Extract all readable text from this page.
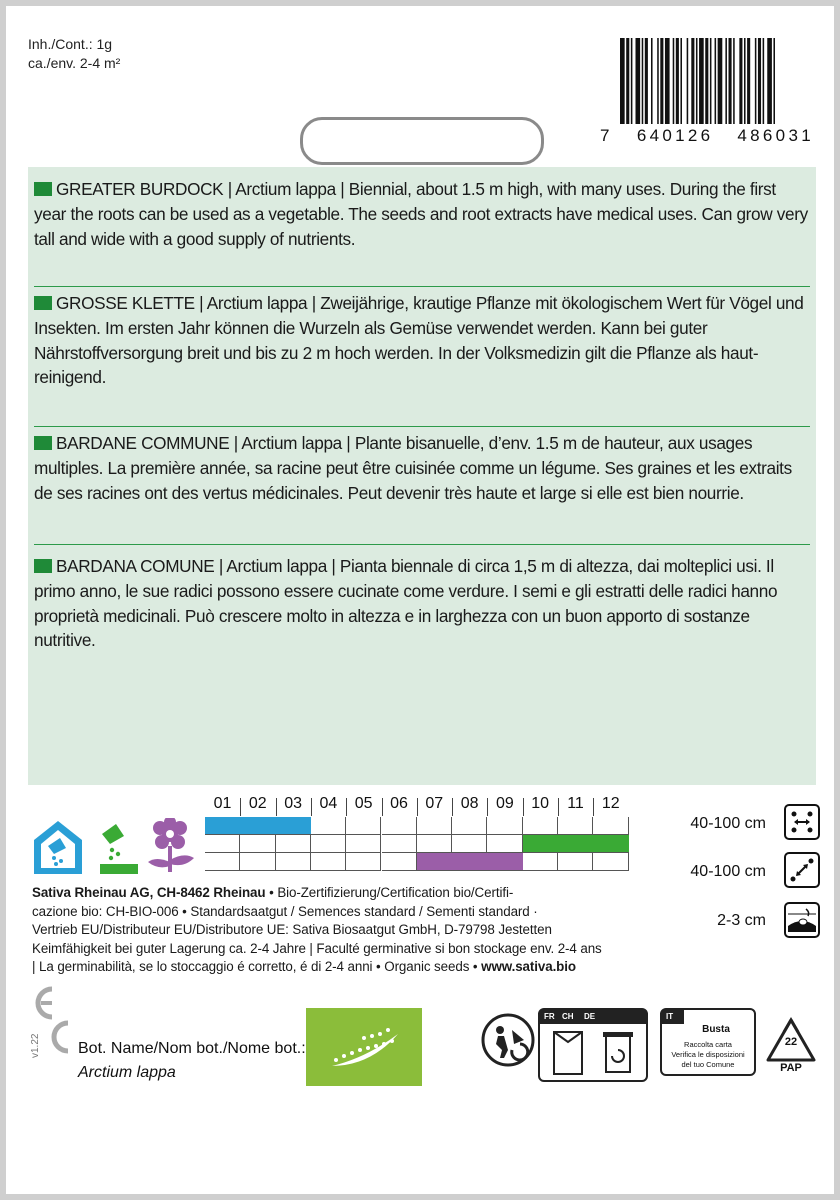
Inh./Cont.: 1g
ca./env. 2-4 m²
7   640126   486031
GREATER BURDOCK | Arctium lappa | Biennial, about 1.5 m high, with many uses. During the first year the roots can be used as a vegetable. The seeds and root extracts have medical uses. Can grow very tall and wide with a good supply of nutrients.
GROSSE KLETTE | Arctium lappa | Zweijährige, krautige Pflanze mit ökologischem Wert für Vögel und Insekten. Im ersten Jahr können die Wurzeln als Gemüse verwendet werden. Kann bei guter Nährstoffversorgung breit und bis zu 2 m hoch werden. In der Volksmedizin gilt die Pflanze als haut-reinigend.
BARDANE COMMUNE | Arctium lappa | Plante bisanuelle, d’env. 1.5 m de hauteur, aux usages multiples. La première année, sa racine peut être cuisinée comme un légume. Ses graines et les extraits de ses racines ont des vertus médicinales. Peut devenir très haute et large si elle est bien nourrie.
BARDANA COMUNE | Arctium lappa | Pianta biennale di circa 1,5 m di altezza, dai molteplici usi. Il primo anno, le sue radici possono essere cucinate come verdure. I semi e gli estratti delle radici hanno proprietà medicinali. Può crescere molto in altezza e in larghezza con un buon apporto di sostanze nutritive.
01	02	03	04	05	06	07	08	09	10	11	12
40-100 cm
40-100 cm
2-3 cm
Sativa Rheinau AG, CH-8462 Rheinau • Bio-Zertifizierung/Certification bio/Certifi-
cazione bio: CH-BIO-006 • Standardsaatgut / Semences standard / Sementi standard ·
Vertrieb EU/Distributeur EU/Distributore UE: Sativa Biosaatgut GmbH, D-79798 Jestetten
Keimfähigkeit bei guter Lagerung ca. 2-4 Jahre | Faculté germinative si bon stockage env. 2-4 ans
| La germinabilità, se lo stoccaggio é corretto, é di 2-4 anni • Organic seeds • www.sativa.bio
v1.22 Bot. Name/Nom bot./Nome bot.:
Arctium lappa
FR CH DE	IT
Busta
Raccolta carta
Verifica le disposizioni
del tuo Comune
22
PAP
